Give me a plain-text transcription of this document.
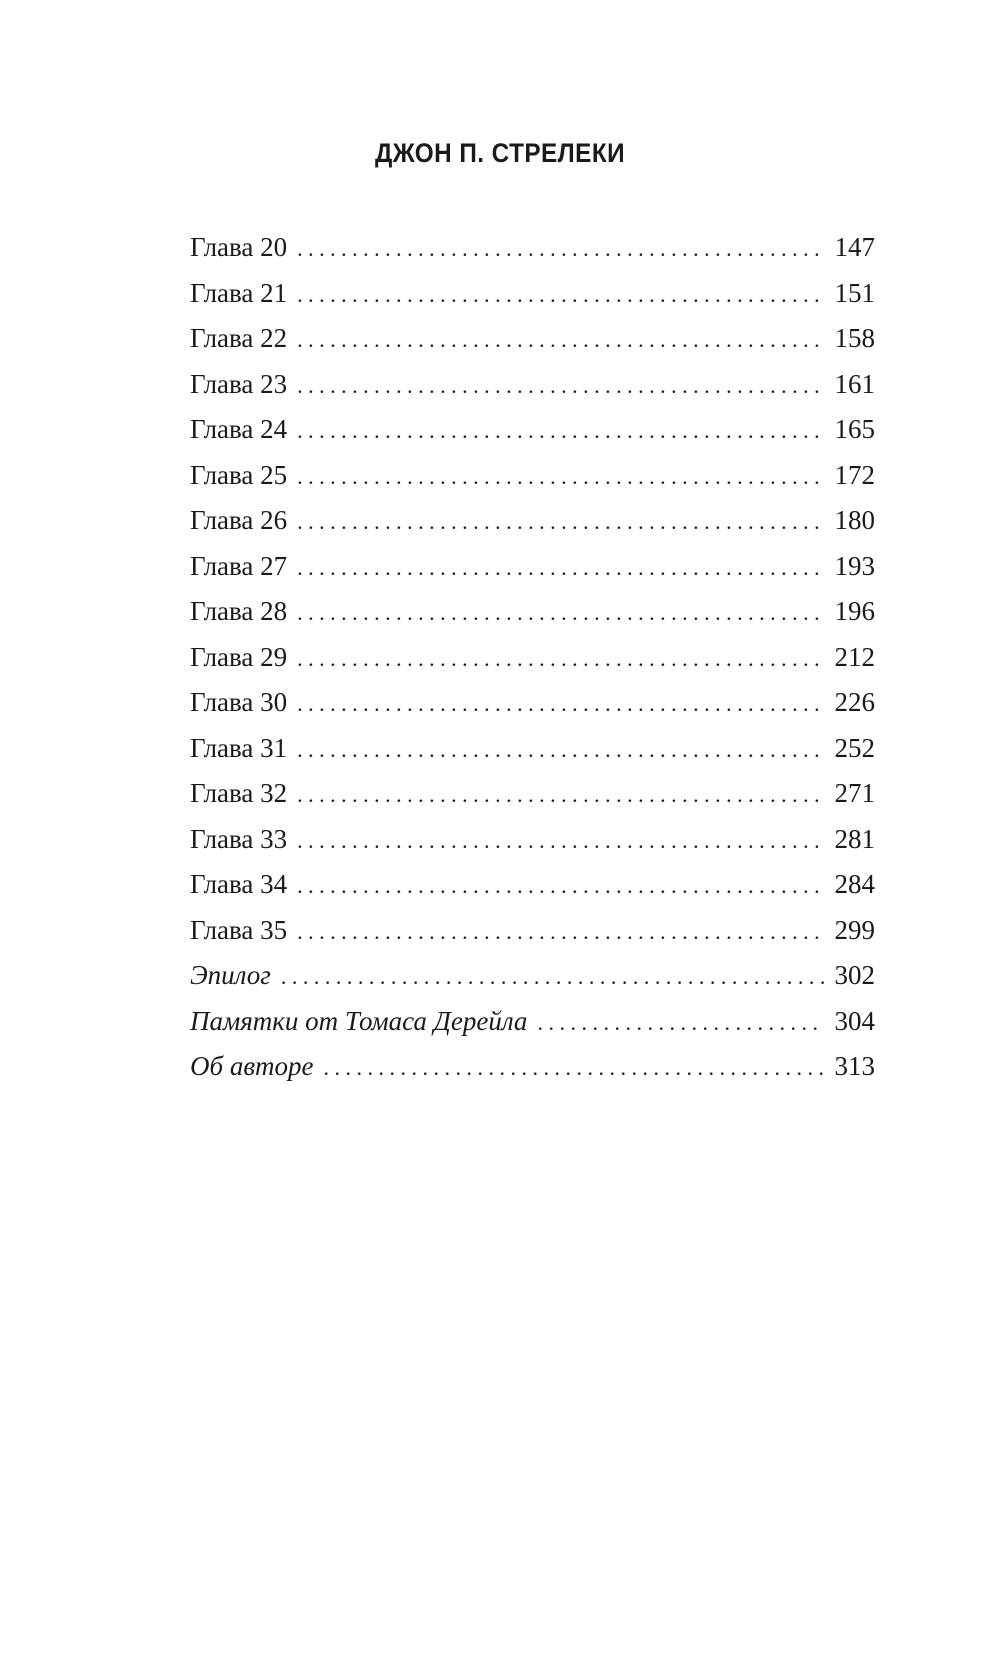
ДЖОН П. СТРЕЛЕКИ
Глава 20 . . .	147
Глава 21 . . .	151
Глава 22 . . .	158
Глава 23 . . .	161
Глава 24 . . .	165
Глава 25 . . .	172
Глава 26 . . .	180
Глава 27 . . .	193
Глава 28 . . .	196
Глава 29 . . .	212
Глава 30 . . .	226
Глава 31 . . .	252
Глава 32 . . .	271
Глава 33 . . .	281
Глава 34 . . .	284
Глава 35 . . .	299
Эпилог . . .	302
Памятки от Томаса Дерейла . . .	304
Об авторе . . .	313
